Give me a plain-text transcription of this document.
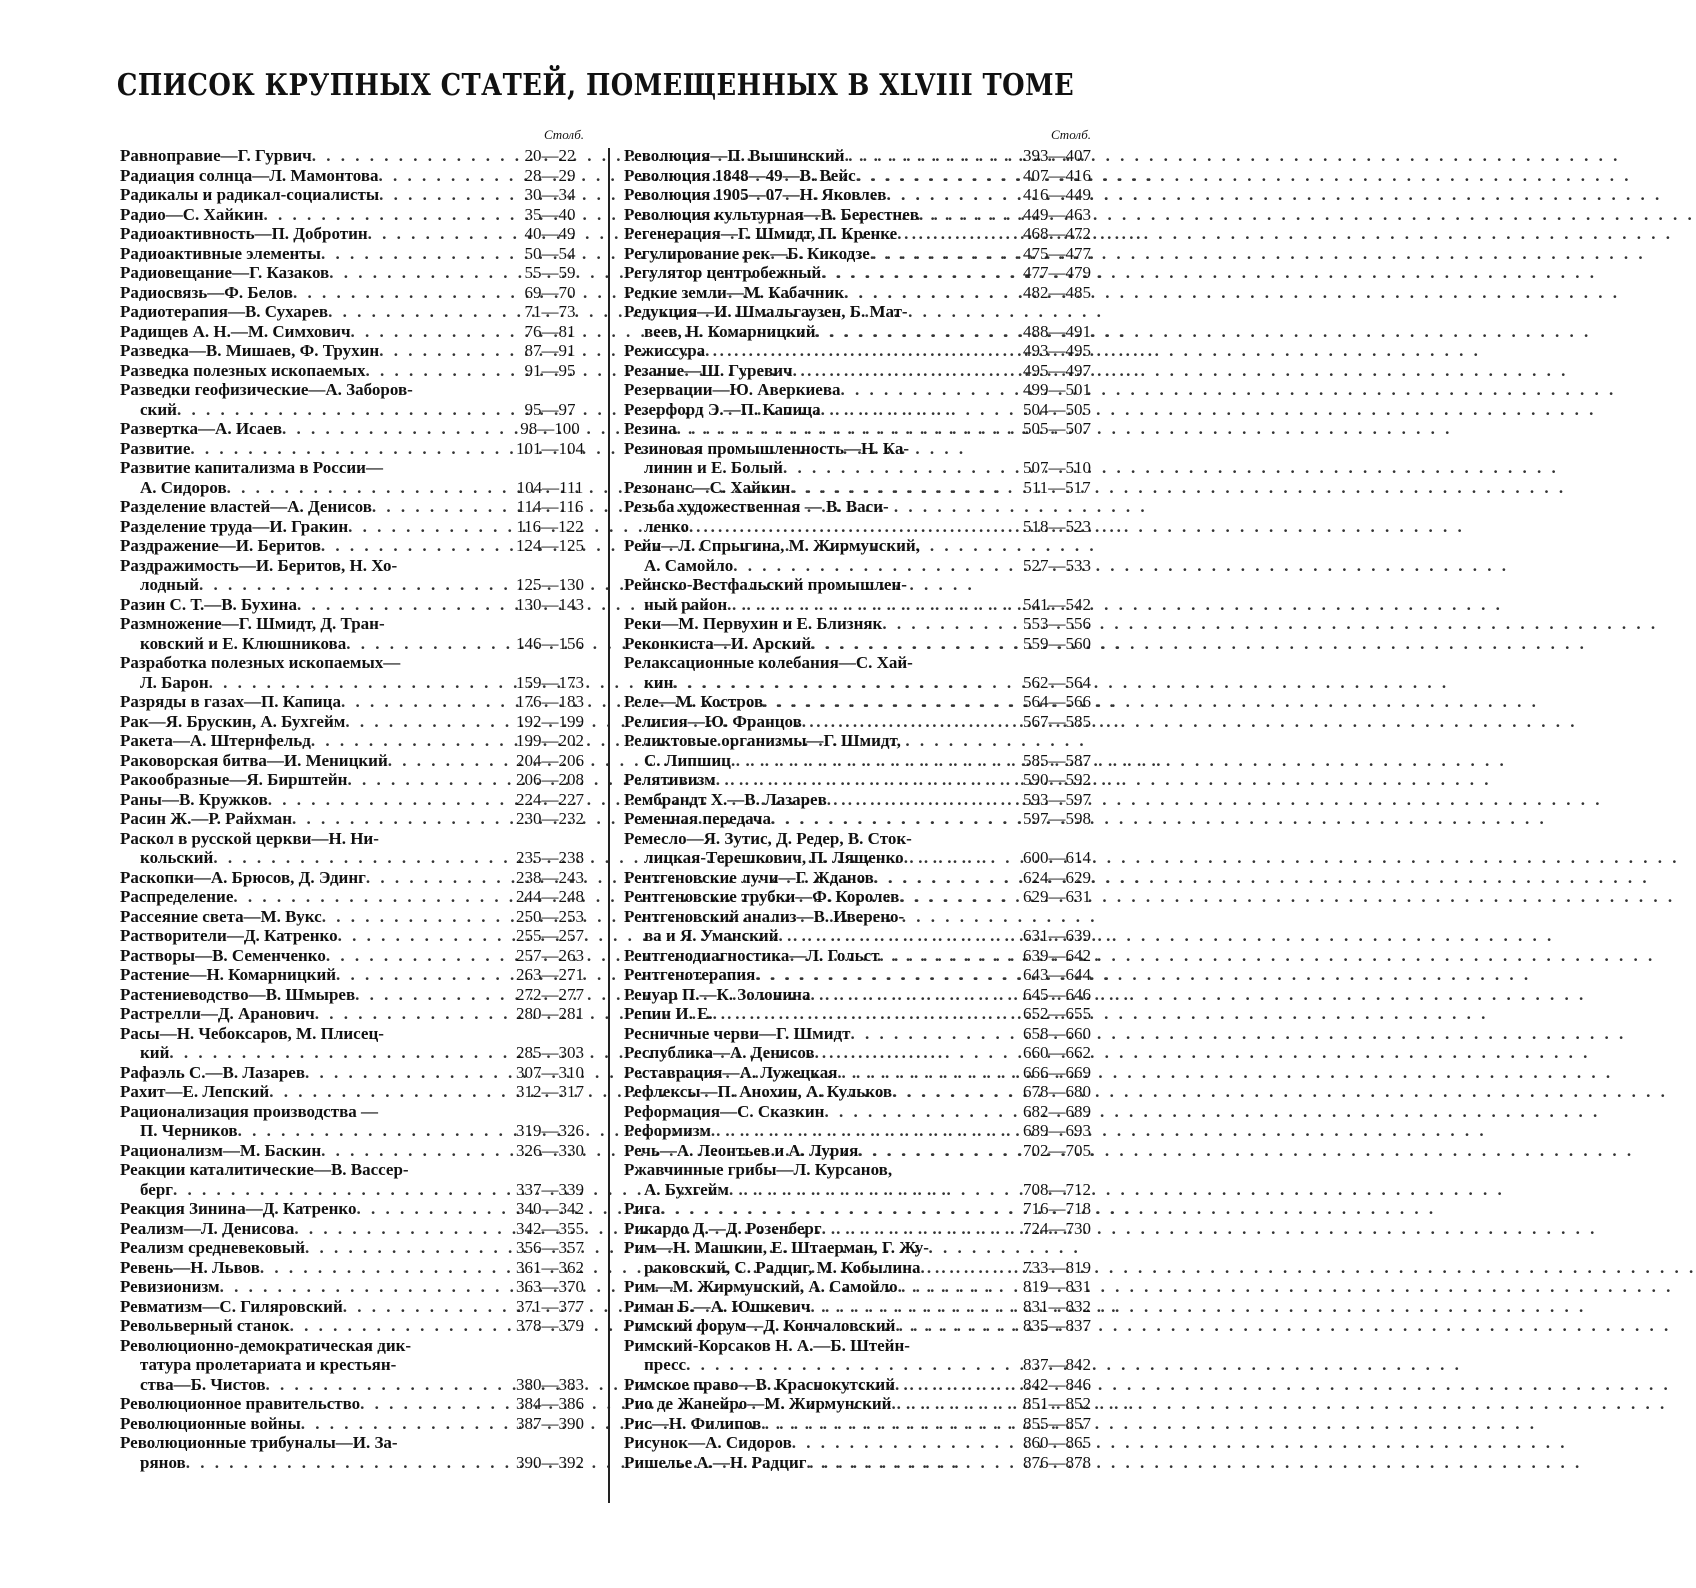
СПИСОК КРУПНЫХ СТАТЕЙ, ПОМЕЩЕННЫХ В XLVIII ТОМЕ
Столб.
Равноправие—Г. Гурвич . . .	20—22
Радиация солнца—Л. Мамонтова . . .	28—29
Радикалы и радикал-социалисты . . .	30—34
Радио—С. Хайкин . . .	35—40
Радиоактивность—П. Добротин . . .	40—49
Радиоактивные элементы . . .	50—54
Радиовещание—Г. Казаков . . .	55—59
Радиосвязь—Ф. Белов . . .	69—70
Радиотерапия—В. Сухарев . . .	71—73
Радищев А. Н.—М. Симхович . . .	76—81
Разведка—В. Мишаев, Ф. Трухин . . .	87—91
Разведка полезных ископаемых . . .	91—95
Разведки геофизические—А. Заборов-
ский . . .	95—97
Развертка—А. Исаев . . .	98—100
Развитие . . .	101—104
Развитие капитализма в России—
А. Сидоров . . .	104—111
Разделение властей—А. Денисов . . .	114—116
Разделение труда—И. Гракин . . .	116—122
Раздражение—И. Беритов . . .	124—125
Раздражимость—И. Беритов, Н. Хо-
лодный . . .	125—130
Разин С. Т.—В. Бухина . . .	130—143
Размножение—Г. Шмидт, Д. Тран-
ковский и Е. Клюшникова . . .	146—156
Разработка полезных ископаемых—
Л. Барон . . .	159—173
Разряды в газах—П. Капица . . .	176—183
Рак—Я. Брускин, А. Бухгейм . . .	192—199
Ракета—А. Штернфельд . . .	199—202
Раковорская битва—И. Меницкий . . .	204—206
Ракообразные—Я. Бирштейн . . .	206—208
Раны—В. Кружков . . .	224—227
Расин Ж.—Р. Райхман . . .	230—232
Раскол в русской церкви—Н. Ни-
кольский . . .	235—238
Раскопки—А. Брюсов, Д. Эдинг . . .	238—243
Распределение . . .	244—248
Рассеяние света—М. Вукс . . .	250—253
Растворители—Д. Катренко . . .	255—257
Растворы—В. Семенченко . . .	257—263
Растение—Н. Комарницкий . . .	263—271
Растениеводство—В. Шмырев . . .	272—277
Растрелли—Д. Аранович . . .	280—281
Расы—Н. Чебоксаров, М. Плисец-
кий . . .	285—303
Рафаэль С.—В. Лазарев . . .	307—310
Рахит—Е. Лепский . . .	312—317
Рационализация производства —
П. Черников . . .	319—326
Рационализм—М. Баскин . . .	326—330
Реакции каталитические—В. Вассер-
берг . . .	337—339
Реакция Зинина—Д. Катренко . . .	340—342
Реализм—Л. Денисова . . .	342—355
Реализм средневековый . . .	356—357
Ревень—Н. Львов . . .	361—362
Ревизионизм . . .	363—370
Ревматизм—С. Гиляровский . . .	371—377
Револьверный станок . . .	378—379
Революционно-демократическая дик-
татура пролетариата и крестьян-
ства—Б. Чистов . . .	380—383
Революционное правительство . . .	384—386
Революционные войны . . .	387—390
Революционные трибуналы—И. За-
рянов . . .	390—392
Столб.
Революция—П. Вышинский . . .	393—407
Революция 1848—49—В. Вейс . . .	407—416
Революция 1905—07—Н. Яковлев . . .	416—449
Революция культурная—В. Берестнев . . .	449—463
Регенерация—Г. Шмидт, П. Кренке . . .	468—472
Регулирование рек—Б. Кикодзе . . .	475—477
Регулятор центробежный . . .	477—479
Редкие земли—М. Кабачник . . .	482—485
Редукция—И. Шмальгаузен, Б. Мат-
веев, Н. Комарницкий . . .	488—491
Режиссура . . .	493—495
Резание—Ш. Гуревич . . .	495—497
Резервации—Ю. Аверкиева . . .	499—501
Резерфорд Э.—П. Капица . . .	504—505
Резина . . .	505—507
Резиновая промышленность—Н. Ка-
линин и Е. Болый . . .	507—510
Резонанс—С. Хайкин . . .	511—517
Резьба художественная — В. Васи-
ленко . . .	518—523
Рейн—Л. Спрыгина, М. Жирмунский,
А. Самойло . . .	527—533
Рейнско-Вестфальский промышлен-
ный район . . .	541—542
Реки—М. Первухин и Е. Близняк . . .	553—556
Реконкиста—И. Арский . . .	559—560
Релаксационные колебания—С. Хай-
кин . . .	562—564
Реле—М. Костров . . .	564—566
Религия—Ю. Францов . . .	567—585
Реликтовые организмы—Г. Шмидт,
С. Липшиц . . .	585—587
Релятивизм . . .	590—592
Рембрандт Х.—В. Лазарев . . .	593—597
Ременная передача . . .	597—598
Ремесло—Я. Зутис, Д. Редер, В. Сток-
лицкая-Терешкович, П. Лященко . . .	600—614
Рентгеновские лучи—Г. Жданов . . .	624—629
Рентгеновские трубки—Ф. Королев . . .	629—631
Рентгеновский анализ—В. Иверено-
ва и Я. Уманский . . .	631—639
Рентгенодиагностика—Л. Гольст . . .	639—642
Рентгенотерапия . . .	643—644
Ренуар П.—К. Золонина . . .	645—646
Репин И. Е. . . .	652—655
Ресничные черви—Г. Шмидт . . .	658—660
Республика—А. Денисов . . .	660—662
Реставрация—А. Лужецкая . . .	666—669
Рефлексы—П. Анохин, А. Кульков . . .	678—680
Реформация—С. Сказкин . . .	682—689
Реформизм . . .	689—693
Речь—А. Леонтьев и А. Лурия . . .	702—705
Ржавчинные грибы—Л. Курсанов,
А. Бухгейм . . .	708—712
Рига . . .	716—718
Рикардо Д.—Д. Розенберг . . .	724—730
Рим—Н. Машкин, Е. Штаерман, Г. Жу-
раковский, С. Радциг, М. Кобылина . . .	733—819
Рим—М. Жирмунский, А. Самойло . . .	819—831
Риман Б.—А. Юшкевич . . .	831—832
Римский форум—Д. Кончаловский . . .	835—837
Римский-Корсаков Н. А.—Б. Штейн-
пресс . . .	837—842
Римское право—В. Краснокутский . . .	842—846
Рио де Жанейро—М. Жирмунский . . .	851—852
Рис—Н. Филипов . . .	855—857
Рисунок—А. Сидоров . . .	860—865
Ришелье А.—Н. Радциг . . .	876—878
